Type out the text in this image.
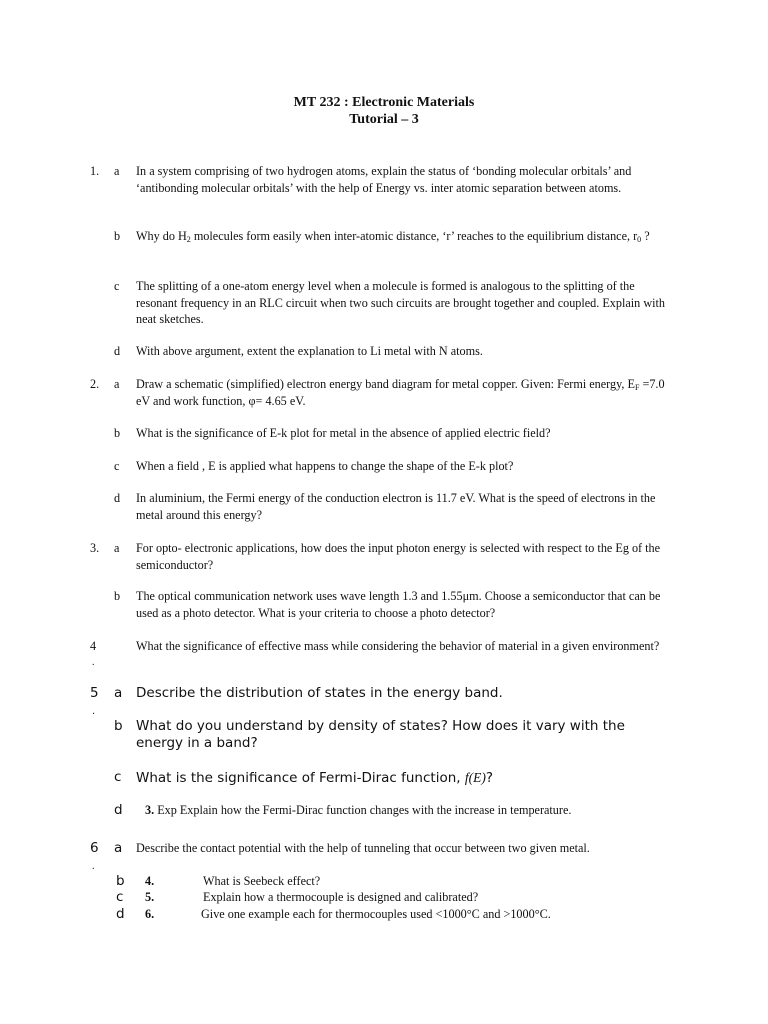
MT 232 : Electronic Materials
Tutorial – 3
1. a In a system comprising of two hydrogen atoms, explain the status of ‘bonding molecular orbitals’ and ‘antibonding molecular orbitals’ with the help of Energy vs. inter atomic separation between atoms.
b Why do $H_2$ molecules form easily when inter-atomic distance, ‘r’ reaches to the equilibrium distance, $r_0$ ?
c The splitting of a one-atom energy level when a molecule is formed is analogous to the splitting of the resonant frequency in an RLC circuit when two such circuits are brought together and coupled. Explain with neat sketches.
d With above argument, extent the explanation to Li metal with N atoms.
2. a Draw a schematic (simplified) electron energy band diagram for metal copper. Given: Fermi energy, $E_F =7.0$ eV and work function, φ= 4.65 eV.
b What is the significance of E-k plot for metal in the absence of applied electric field?
c When a field , E is applied what happens to change the shape of the E-k plot?
d In aluminium, the Fermi energy of the conduction electron is 11.7 eV. What is the speed of electrons in the metal around this energy?
3. a For opto- electronic applications, how does the input photon energy is selected with respect to the Eg of the semiconductor?
b The optical communication network uses wave length 1.3 and 1.55μm. Choose a semiconductor that can be used as a photo detector. What is your criteria to choose a photo detector?
4
.
What the significance of effective mass while considering the behavior of material in a given environment?
5
.
a Describe the distribution of states in the energy band.
b What do you understand by density of states? How does it vary with the energy in a band?
c What is the significance of Fermi-Dirac function, f(E)?
d 3. Exp Explain how the Fermi-Dirac function changes with the increase in temperature.
6
.
a Describe the contact potential with the help of tunneling that occur between two given metal.
b 4.	What is Seebeck effect?
c 5.	Explain how a thermocouple is designed and calibrated?
d 6.	Give one example each for thermocouples used <1000°C and >1000°C.
